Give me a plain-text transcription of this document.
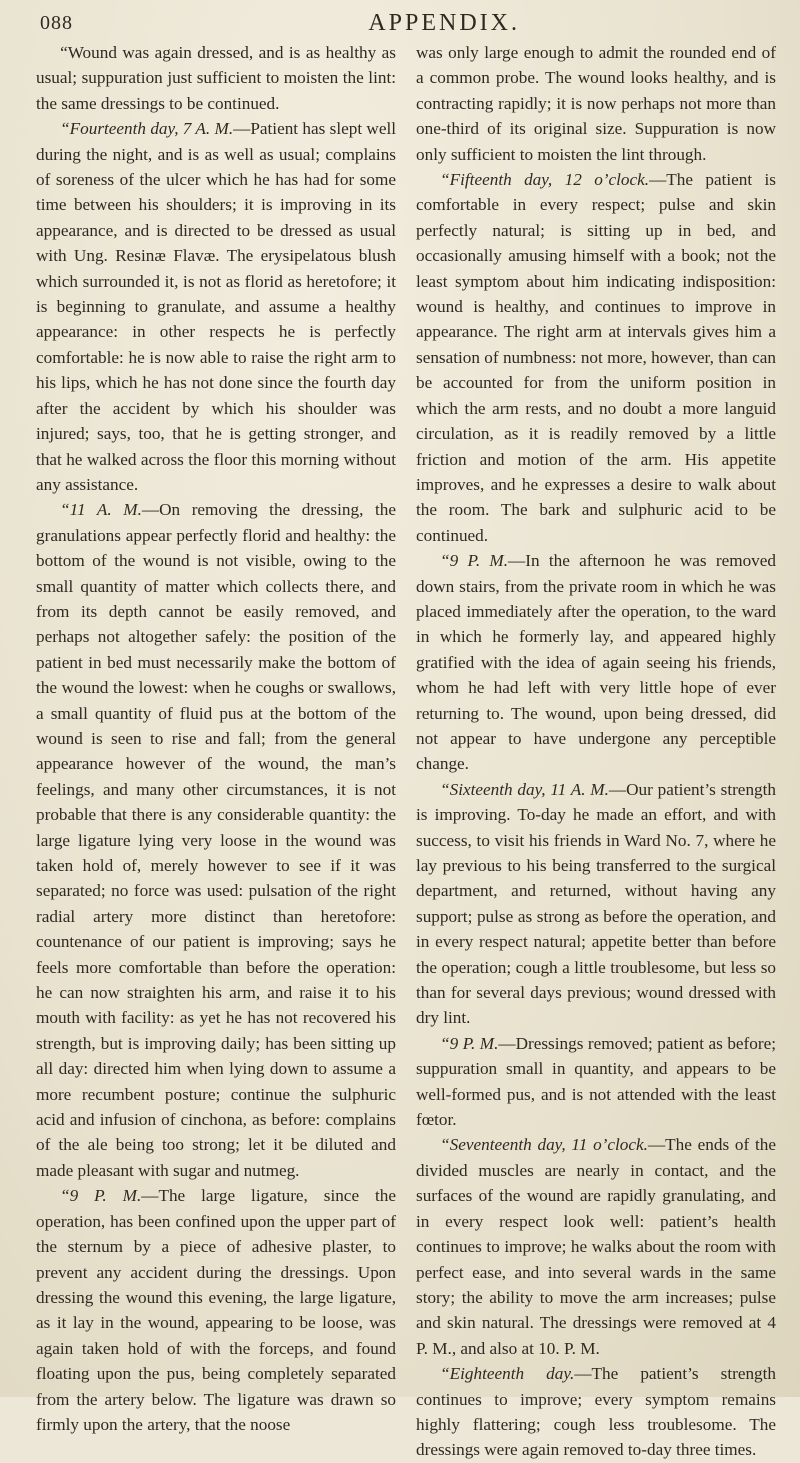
088	APPENDIX.

“Wound was again dressed, and is as healthy as usual; suppuration just sufficient to moisten the lint: the same dressings to be continued.

“Fourteenth day, 7 A. M.—Patient has slept well during the night, and is as well as usual; complains of soreness of the ulcer which he has had for some time between his shoulders; it is improving in its appearance, and is directed to be dressed as usual with Ung. Resinæ Flavæ. The erysipelatous blush which surrounded it, is not as florid as heretofore; it is beginning to granulate, and assume a healthy appearance: in other respects he is perfectly comfortable: he is now able to raise the right arm to his lips, which he has not done since the fourth day after the accident by which his shoulder was injured; says, too, that he is getting stronger, and that he walked across the floor this morning without any assistance.

“11 A. M.—On removing the dressing, the granulations appear perfectly florid and healthy: the bottom of the wound is not visible, owing to the small quantity of matter which collects there, and from its depth cannot be easily removed, and perhaps not altogether safely: the position of the patient in bed must necessarily make the bottom of the wound the lowest: when he coughs or swallows, a small quantity of fluid pus at the bottom of the wound is seen to rise and fall; from the general appearance however of the wound, the man’s feelings, and many other circumstances, it is not probable that there is any considerable quantity: the large ligature lying very loose in the wound was taken hold of, merely however to see if it was separated; no force was used: pulsation of the right radial artery more distinct than heretofore: countenance of our patient is improving; says he feels more comfortable than before the operation: he can now straighten his arm, and raise it to his mouth with facility: as yet he has not recovered his strength, but is improving daily; has been sitting up all day: directed him when lying down to assume a more recumbent posture; continue the sulphuric acid and infusion of cinchona, as before: complains of the ale being too strong; let it be diluted and made pleasant with sugar and nutmeg.

“9 P. M.—The large ligature, since the operation, has been confined upon the upper part of the sternum by a piece of adhesive plaster, to prevent any accident during the dressings. Upon dressing the wound this evening, the large ligature, as it lay in the wound, appearing to be loose, was again taken hold of with the forceps, and found floating upon the pus, being completely separated from the artery below. The ligature was drawn so firmly upon the artery, that the noose

was only large enough to admit the rounded end of a common probe. The wound looks healthy, and is contracting rapidly; it is now perhaps not more than one-third of its original size. Suppuration is now only sufficient to moisten the lint through.

“Fifteenth day, 12 o’clock.—The patient is comfortable in every respect; pulse and skin perfectly natural; is sitting up in bed, and occasionally amusing himself with a book; not the least symptom about him indicating indisposition: wound is healthy, and continues to improve in appearance. The right arm at intervals gives him a sensation of numbness: not more, however, than can be accounted for from the uniform position in which the arm rests, and no doubt a more languid circulation, as it is readily removed by a little friction and motion of the arm. His appetite improves, and he expresses a desire to walk about the room. The bark and sulphuric acid to be continued.

“9 P. M.—In the afternoon he was removed down stairs, from the private room in which he was placed immediately after the operation, to the ward in which he formerly lay, and appeared highly gratified with the idea of again seeing his friends, whom he had left with very little hope of ever returning to. The wound, upon being dressed, did not appear to have undergone any perceptible change.

“Sixteenth day, 11 A. M.—Our patient’s strength is improving. To-day he made an effort, and with success, to visit his friends in Ward No. 7, where he lay previous to his being transferred to the surgical department, and returned, without having any support; pulse as strong as before the operation, and in every respect natural; appetite better than before the operation; cough a little troublesome, but less so than for several days previous; wound dressed with dry lint.

“9 P. M.—Dressings removed; patient as before; suppuration small in quantity, and appears to be well-formed pus, and is not attended with the least fœtor.

“Seventeenth day, 11 o’clock.—The ends of the divided muscles are nearly in contact, and the surfaces of the wound are rapidly granulating, and in every respect look well: patient’s health continues to improve; he walks about the room with perfect ease, and into several wards in the same story; the ability to move the arm increases; pulse and skin natural. The dressings were removed at 4 P. M., and also at 10. P. M.

“Eighteenth day.—The patient’s strength continues to improve; every symptom remains highly flattering; cough less troublesome. The dressings were again removed to-day three times.
